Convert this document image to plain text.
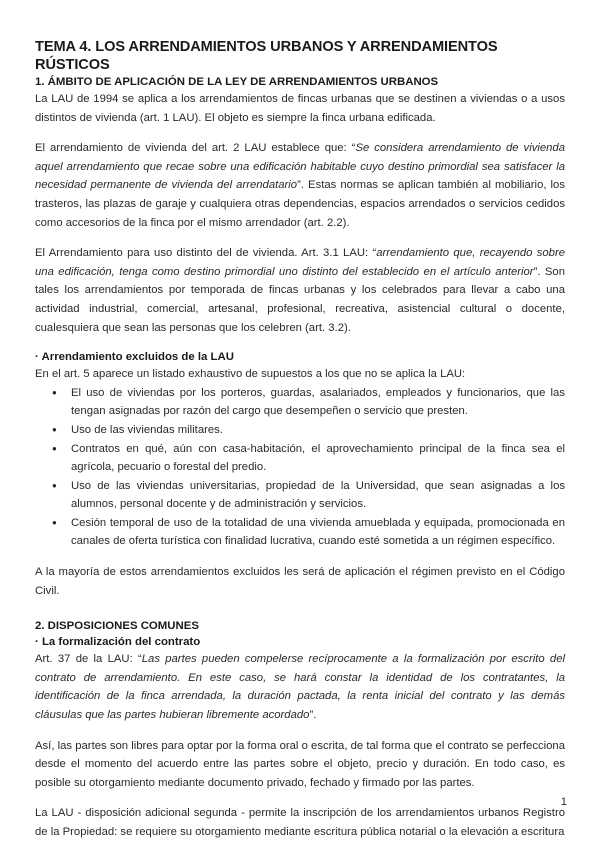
TEMA 4. LOS ARRENDAMIENTOS URBANOS Y ARRENDAMIENTOS RÚSTICOS
1. ÁMBITO DE APLICACIÓN DE LA LEY DE ARRENDAMIENTOS URBANOS

La LAU de 1994 se aplica a los arrendamientos de fincas urbanas que se destinen a viviendas o a usos distintos de vivienda (art. 1 LAU). El objeto es siempre la finca urbana edificada.

El arrendamiento de vivienda del art. 2 LAU establece que: “Se considera arrendamiento de vivienda aquel arrendamiento que recae sobre una edificación habitable cuyo destino primordial sea satisfacer la necesidad permanente de vivienda del arrendatario”. Estas normas se aplican también al mobiliario, los trasteros, las plazas de garaje y cualquiera otras dependencias, espacios arrendados o servicios cedidos como accesorios de la finca por el mismo arrendador (art. 2.2).

El Arrendamiento para uso distinto del de vivienda. Art. 3.1 LAU: “arrendamiento que, recayendo sobre una edificación, tenga como destino primordial uno distinto del establecido en el artículo anterior”. Son tales los arrendamientos por temporada de fincas urbanas y los celebrados para llevar a cabo una actividad industrial, comercial, artesanal, profesional, recreativa, asistencial cultural o docente, cualesquiera que sean las personas que los celebren (art. 3.2).

· Arrendamiento excluidos de la LAU

En el art. 5 aparece un listado exhaustivo de supuestos a los que no se aplica la LAU:

● El uso de viviendas por los porteros, guardas, asalariados, empleados y funcionarios, que las tengan asignadas por razón del cargo que desempeñen o servicio que presten.
● Uso de las viviendas militares.
● Contratos en qué, aún con casa-habitación, el aprovechamiento principal de la finca sea el agrícola, pecuario o forestal del predio.
● Uso de las viviendas universitarias, propiedad de la Universidad, que sean asignadas a los alumnos, personal docente y de administración y servicios.
● Cesión temporal de uso de la totalidad de una vivienda amueblada y equipada, promocionada en canales de oferta turística con finalidad lucrativa, cuando esté sometida a un régimen específico.

A la mayoría de estos arrendamientos excluidos les será de aplicación el régimen previsto en el Código Civil.

2. DISPOSICIONES COMUNES
· La formalización del contrato

Art. 37 de la LAU: “Las partes pueden compelerse recíprocamente a la formalización por escrito del contrato de arrendamiento. En este caso, se hará constar la identidad de los contratantes, la identificación de la finca arrendada, la duración pactada, la renta inicial del contrato y las demás cláusulas que las partes hubieran libremente acordado”.

Así, las partes son libres para optar por la forma oral o escrita, de tal forma que el contrato se perfecciona desde el momento del acuerdo entre las partes sobre el objeto, precio y duración. En todo caso, es posible su otorgamiento mediante documento privado, fechado y firmado por las partes.

La LAU - disposición adicional segunda - permite la inscripción de los arrendamientos urbanos Registro de la Propiedad: se requiere su otorgamiento mediante escritura pública notarial o la elevación a escritura

1
